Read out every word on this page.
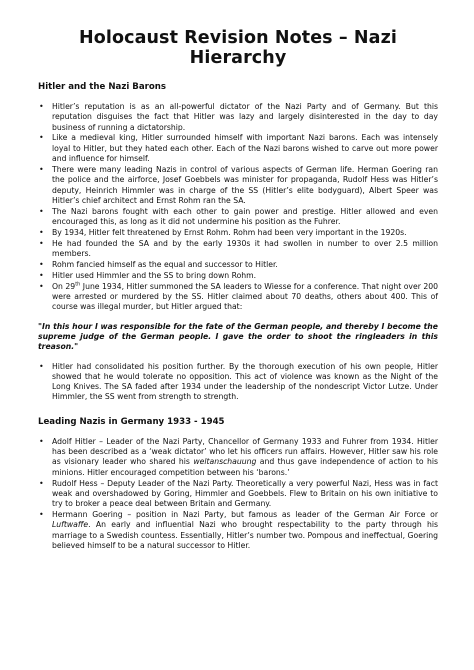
Holocaust Revision Notes – Nazi Hierarchy
Hitler and the Nazi Barons
• Hitler’s reputation is as an all-powerful dictator of the Nazi Party and of Germany. But this reputation disguises the fact that Hitler was lazy and largely disinterested in the day to day business of running a dictatorship.
• Like a medieval king, Hitler surrounded himself with important Nazi barons. Each was intensely loyal to Hitler, but they hated each other. Each of the Nazi barons wished to carve out more power and influence for himself.
• There were many leading Nazis in control of various aspects of German life. Herman Goering ran the police and the airforce, Josef Goebbels was minister for propaganda, Rudolf Hess was Hitler’s deputy, Heinrich Himmler was in charge of the SS (Hitler’s elite bodyguard), Albert Speer was Hitler’s chief architect and Ernst Rohm ran the SA.
• The Nazi barons fought with each other to gain power and prestige. Hitler allowed and even encouraged this, as long as it did not undermine his position as the Fuhrer.
• By 1934, Hitler felt threatened by Ernst Rohm. Rohm had been very important in the 1920s.
• He had founded the SA and by the early 1930s it had swollen in number to over 2.5 million members.
• Rohm fancied himself as the equal and successor to Hitler.
• Hitler used Himmler and the SS to bring down Rohm.
• On 29th June 1934, Hitler summoned the SA leaders to Wiesse for a conference. That night over 200 were arrested or murdered by the SS. Hitler claimed about 70 deaths, others about 400. This of course was illegal murder, but Hitler argued that:
"In this hour I was responsible for the fate of the German people, and thereby I become the supreme judge of the German people. I gave the order to shoot the ringleaders in this treason."
• Hitler had consolidated his position further. By the thorough execution of his own people, Hitler showed that he would tolerate no opposition. This act of violence was known as the Night of the Long Knives. The SA faded after 1934 under the leadership of the nondescript Victor Lutze. Under Himmler, the SS went from strength to strength.
Leading Nazis in Germany 1933 - 1945
• Adolf Hitler – Leader of the Nazi Party, Chancellor of Germany 1933 and Fuhrer from 1934. Hitler has been described as a ‘weak dictator’ who let his officers run affairs. However, Hitler saw his role as visionary leader who shared his weltanschauung and thus gave independence of action to his minions. Hitler encouraged competition between his ‘barons.’
• Rudolf Hess – Deputy Leader of the Nazi Party. Theoretically a very powerful Nazi, Hess was in fact weak and overshadowed by Goring, Himmler and Goebbels. Flew to Britain on his own initiative to try to broker a peace deal between Britain and Germany.
• Hermann Goering – position in Nazi Party, but famous as leader of the German Air Force or Luftwaffe. An early and influential Nazi who brought respectability to the party through his marriage to a Swedish countess. Essentially, Hitler’s number two. Pompous and ineffectual, Goering believed himself to be a natural successor to Hitler.
